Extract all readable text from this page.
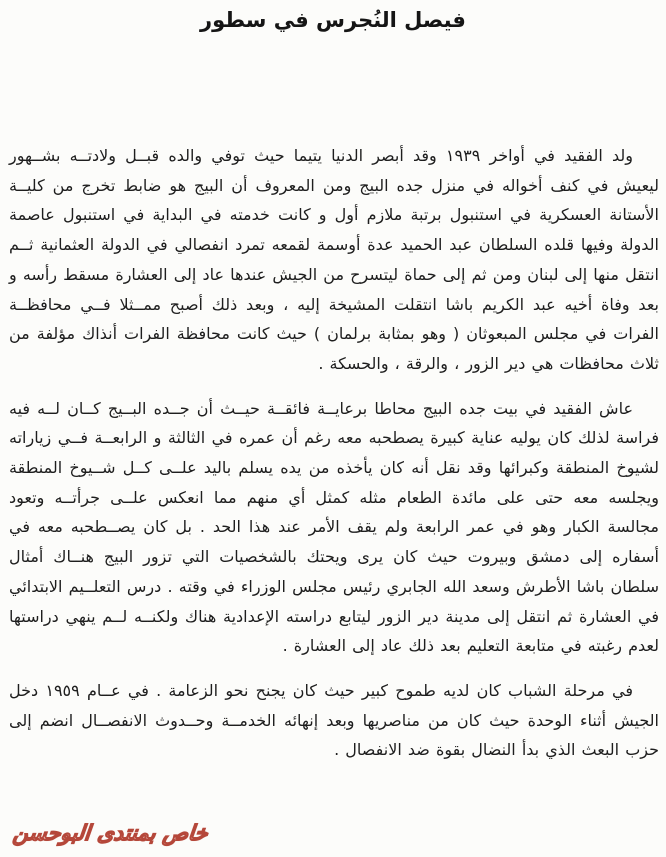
فيصل النُجرس في سطور

ولد الفقيد في أواخر ١٩٣٩ وقد أبصر الدنيا يتيما حيث توفي والده قبــل ولادتــه بشــهور ليعيش في كنف أخواله في منزل جده البيج ومن المعروف أن البيج هو ضابط تخرج من كليــة الأستانة العسكرية في استنبول برتبة ملازم أول و كانت خدمته في البداية في استنبول عاصمة الدولة وفيها قلده السلطان عبد الحميد عدة أوسمة لقمعه تمرد انفصالي في الدولة العثمانية ثــم انتقل منها إلى لبنان ومن ثم إلى حماة ليتسرح من الجيش عندها عاد إلى العشارة مسقط رأسه و بعد وفاة أخيه عبد الكريم باشا انتقلت المشيخة إليه ، وبعد ذلك أصبح ممــثلا فــي محافظــة الفرات في مجلس المبعوثان ( وهو بمثابة برلمان ) حيث كانت محافظة الفرات أنذاك مؤلفة من ثلاث محافظات هي دير الزور ، والرقة ، والحسكة .

عاش الفقيد في بيت جده البيج محاطا برعايــة فائقــة حيــث أن جــده البــيج كــان لــه فيه فراسة لذلك كان يوليه عناية كبيرة يصطحبه معه رغم أن عمره في الثالثة و الرابعــة فــي زياراته لشيوخ المنطقة وكبرائها وقد نقل أنه كان يأخذه من يده يسلم باليد علــى كــل شــيوخ المنطقة ويجلسه معه حتى على مائدة الطعام مثله كمثل أي منهم مما انعكس علــى جرأتــه وتعود مجالسة الكبار وهو في عمر الرابعة ولم يقف الأمر عند هذا الحد . بل كان يصــطحبه معه في أسفاره إلى دمشق وبيروت حيث كان يرى ويحتك بالشخصيات التي تزور البيج هنــاك أمثال سلطان باشا الأطرش وسعد الله الجابري رئيس مجلس الوزراء في وقته . درس التعلــيم الابتدائي في العشارة ثم انتقل إلى مدينة دير الزور ليتابع دراسته الإعدادية هناك ولكنــه لــم ينهي دراستها لعدم رغبته في متابعة التعليم بعد ذلك عاد إلى العشارة .

في مرحلة الشباب كان لديه طموح كبير حيث كان يجنح نحو الزعامة . في عــام ١٩٥٩ دخل الجيش أثناء الوحدة حيث كان من مناصريها وبعد إنهائه الخدمــة وحــدوث الانفصــال انضم إلى حزب البعث الذي بدأ النضال بقوة ضد الانفصال .

خاص بمنتدى البوحسن
